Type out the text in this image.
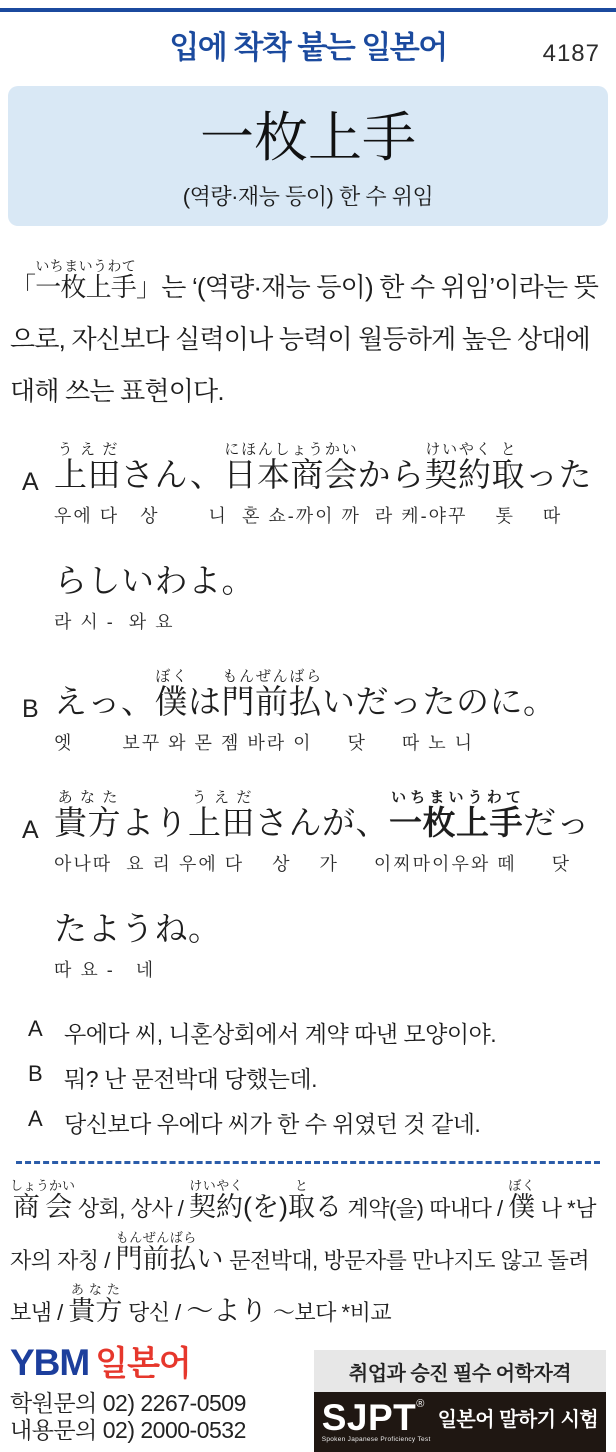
입에 착착 붙는 일본어	4187
一枚上手
(역량·재능 등이) 한 수 위임
「一枚上手いちまいうわて」는 ‘(역량·재능 등이) 한 수 위임’이라는 뜻으로, 자신보다 실력이나 능력이 월등하게 높은 상대에 대해 쓰는 표현이다.
A 上田うえださん、日本商会にほんしょうかいから契約けいやく取とった
우에 다   상       니  혼 쇼-까이 까  라 케-야꾸    톳    따
らしいわよ。
라 시 -  와 요
B えっ、僕ぼくは門前払もんぜんばらいだったのに。
엣       보꾸 와 몬 젬 바라 이     닷     따 노 니
A 貴方あなたより上田うえださんが、一枚上手いちまいうわてだっ
아나따  요 리 우에 다    상    가     이찌마이우와 떼     닷
たようね。
따 요 -   네
A 우에다 씨, 니혼상회에서 계약 따낸 모양이야.
B 뭐? 난 문전박대 당했는데.
A 당신보다 우에다 씨가 한 수 위였던 것 같네.
商会しょうかい 상회, 상사 / 契約けいやく(を)取とる 계약(을) 따내다 / 僕ぼく 나 *남자의 자칭 / 門前払もんぜんばらい 문전박대, 방문자를 만나지도 않고 돌려보냄 / 貴方あなた 당신 / ～より ～보다 *비교
YBM 일본어
학원문의 02) 2267-0509
내용문의 02) 2000-0532
취업과 승진 필수 어학자격
SJPT®
Spoken Japanese Proficiency Test
일본어 말하기 시험
